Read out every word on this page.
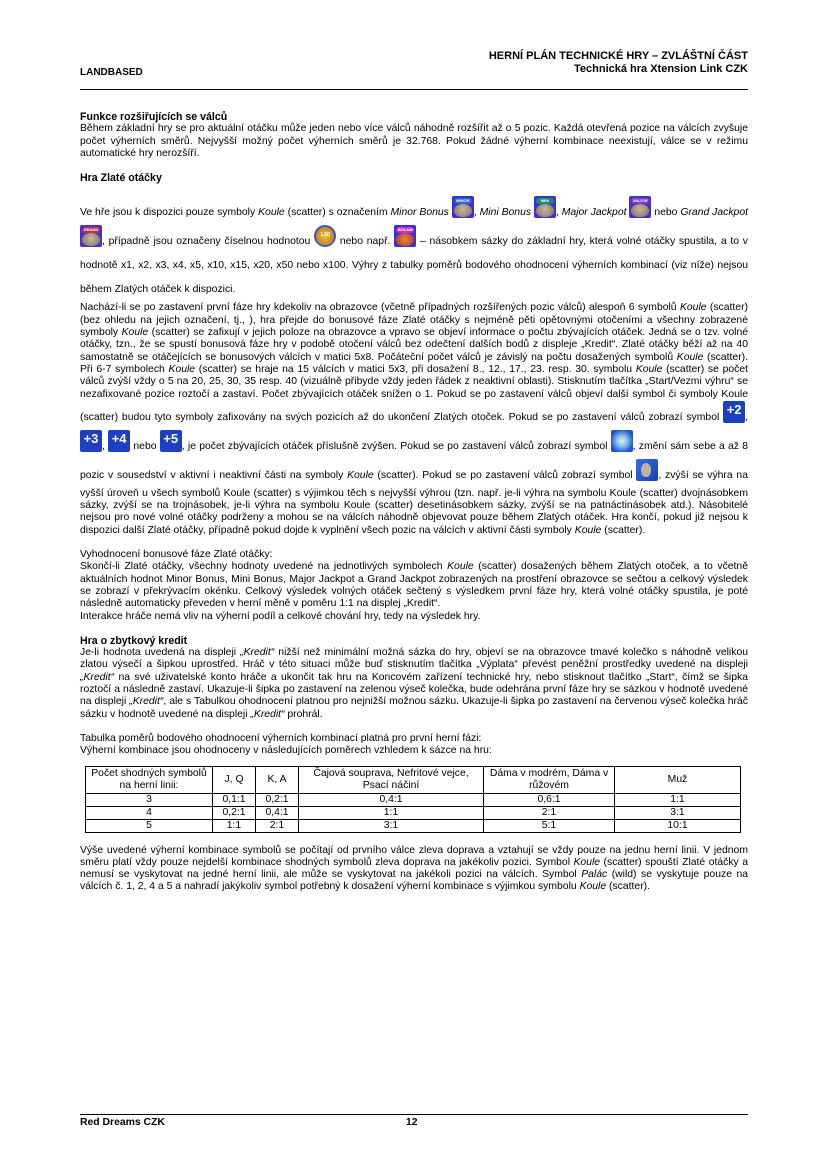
LANDBASED
HERNÍ PLÁN TECHNICKÉ HRY – ZVLÁŠTNÍ ČÁST
Technická hra Xtension Link CZK
Funkce rozšiřujících se válců

Během základní hry se pro aktuální otáčku může jeden nebo více válců náhodně rozšířit až o 5 pozic. Každá otevřená pozice na válcích zvyšuje počet výherních směrů. Nejvyšší možný počet výherních směrů je 32.768. Pokud žádné výherní kombinace neexistují, válce se v režimu automatické hry nerozšíří.

Hra Zlaté otáčky

Ve hře jsou k dispozici pouze symboly Koule (scatter) s označením Minor Bonus
MINOR
, Mini Bonus
MINI
, Major Jackpot
MAJOR
nebo Grand Jackpot
GRAND
, případně jsou označeny číselnou hodnotou
1.50
nebo např.
BOLAM
– násobkem sázky do základní hry, která volné otáčky spustila, a to v hodnotě x1, x2, x3, x4, x5, x10, x15, x20, x50 nebo x100. Výhry z tabulky poměrů bodového ohodnocení výherních kombinací (viz níže) nejsou během Zlatých otáček k dispozici.

Nachází-li se po zastavení první fáze hry kdekoliv na obrazovce (včetně případných rozšířených pozic válců) alespoň 6 symbolů Koule (scatter) (bez ohledu na jejich označení, tj., ), hra přejde do bonusové fáze Zlaté otáčky s nejméně pěti opětovnými otočeními a všechny zobrazené symboly Koule (scatter) se zafixují v jejich poloze na obrazovce a vpravo se objeví informace o počtu zbývajících otáček. Jedná se o tzv. volné otáčky, tzn., že se spustí bonusová fáze hry v podobě otočení válců bez odečtení dalších bodů z displeje „Kredit“. Zlaté otáčky běží až na 40 samostatně se otáčejících se bonusových válcích v matici 5x8. Počáteční počet válců je závislý na počtu dosažených symbolů Koule (scatter). Při 6-7 symbolech Koule (scatter) se hraje na 15 válcích v matici 5x3, při dosažení 8., 12., 17., 23. resp. 30. symbolu Koule (scatter) se počet válců zvýší vždy o 5 na 20, 25, 30, 35 resp. 40 (vizuálně přibyde vždy jeden řádek z neaktivní oblasti). Stisknutím tlačítka „Start/Vezmi výhru“ se nezafixované pozice roztočí a zastaví. Počet zbývajících otáček snížen o 1. Pokud se po zastavení válců objeví další symbol či symboly Koule (scatter) budou tyto symboly zafixovány na svých pozicích až do ukončení Zlatých otoček. Pokud se po zastavení válců zobrazí symbol +2, +3, +4 nebo +5, je počet zbývajících otáček příslušně zvýšen. Pokud se po zastavení válců zobrazí symbol , změní sám sebe a až 8 pozic v sousedství v aktivní i neaktivní části na symboly Koule (scatter). Pokud se po zastavení válců zobrazí symbol
, zvýší se výhra na vyšší úroveň u všech symbolů Koule (scatter) s výjimkou těch s nejvyšší výhrou (tzn. např. je-li výhra na symbolu Koule (scatter) dvojnásobkem sázky, zvýší se na trojnásobek, je-li výhra na symbolu Koule (scatter) desetinásobkem sázky, zvýší se na patnáctinásobek atd.). Násobitelé nejsou pro nové volné otáčky podrženy a mohou se na válcích náhodně objevovat pouze během Zlatých otáček. Hra končí, pokud již nejsou k dispozici další Zlaté otáčky, případně pokud dojde k vyplnění všech pozic na válcích v aktivní části symboly Koule (scatter).

Vyhodnocení bonusové fáze Zlaté otáčky:

Skončí-li Zlaté otáčky, všechny hodnoty uvedené na jednotlivých symbolech Koule (scatter) dosažených během Zlatých otoček, a to včetně aktuálních hodnot Minor Bonus, Mini Bonus, Major Jackpot a Grand Jackpot zobrazených na prostření obrazovce se sečtou a celkový výsledek se zobrazí v překrývacím okénku. Celkový výsledek volných otáček sečtený s výsledkem první fáze hry, která volné otáčky spustila, je poté následně automaticky převeden v herní měně v poměru 1:1 na displej „Kredit“.

Interakce hráče nemá vliv na výherní podíl a celkové chování hry, tedy na výsledek hry.

Hra o zbytkový kredit

Je-li hodnota uvedená na displeji „Kredit“ nižší než minimální možná sázka do hry, objeví se na obrazovce tmavé kolečko s náhodně velikou zlatou výsečí a šipkou uprostřed. Hráč v této situaci může buď stisknutím tlačítka „Výplata“ převést peněžní prostředky uvedené na displeji „Kredit“ na své uživatelské konto hráče a ukončit tak hru na Koncovém zařízení technické hry, nebo stisknout tlačítko „Start“, čímž se šipka roztočí a následně zastaví. Ukazuje-li šipka po zastavení na zelenou výseč kolečka, bude odehrána první fáze hry se sázkou v hodnotě uvedené na displeji „Kredit“, ale s Tabulkou ohodnocení platnou pro nejnižší možnou sázku. Ukazuje-li šipka po zastavení na červenou výseč kolečka hráč sázku v hodnotě uvedené na displeji „Kredit“ prohrál.

Tabulka poměrů bodového ohodnocení výherních kombinací platná pro první herní fázi:

Výherní kombinace jsou ohodnoceny v následujících poměrech vzhledem k sázce na hru:

Počet shodných symbolů na herní linii:	J, Q	K, A	Čajová souprava, Nefritové vejce, Psací náčiní	Dáma v modrém, Dáma v růžovém	Muž
3	0,1:1	0,2:1	0,4:1	0,6:1	1:1
4	0,2:1	0,4:1	1:1	2:1	3:1
5	1:1	2:1	3:1	5:1	10:1

Výše uvedené výherní kombinace symbolů se počítají od prvního válce zleva doprava a vztahují se vždy pouze na jednu herní linii. V jednom směru platí vždy pouze nejdelší kombinace shodných symbolů zleva doprava na jakékoliv pozici. Symbol Koule (scatter) spouští Zlaté otáčky a nemusí se vyskytovat na jedné herní linii, ale může se vyskytovat na jakékoli pozici na válcích. Symbol Palác (wild) se vyskytuje pouze na válcích č. 1, 2, 4 a 5 a nahradí jakýkoliv symbol potřebný k dosažení výherní kombinace s výjimkou symbolu Koule (scatter).

Red Dreams CZK	12
